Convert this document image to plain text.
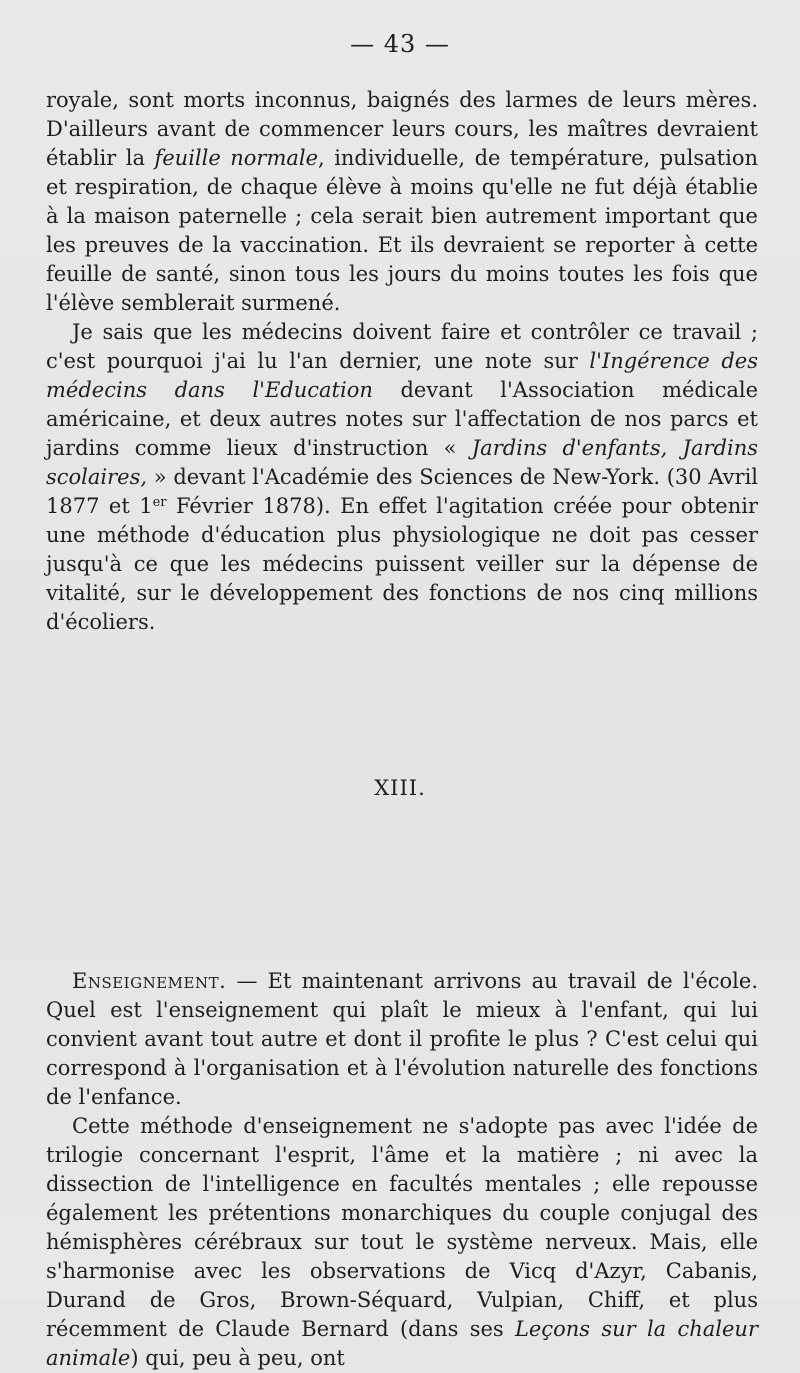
— 43 —

royale, sont morts inconnus, baignés des larmes de leurs mères. D'ailleurs avant de commencer leurs cours, les maîtres devraient établir la feuille normale, individuelle, de température, pulsation et respiration, de chaque élève à moins qu'elle ne fut déjà établie à la maison paternelle ; cela serait bien autrement important que les preuves de la vaccination. Et ils devraient se reporter à cette feuille de santé, sinon tous les jours du moins toutes les fois que l'élève semblerait surmené.

Je sais que les médecins doivent faire et contrôler ce travail ; c'est pourquoi j'ai lu l'an dernier, une note sur l'Ingérence des médecins dans l'Education devant l'Association médicale américaine, et deux autres notes sur l'affectation de nos parcs et jardins comme lieux d'instruction « Jardins d'enfants, Jardins scolaires, » devant l'Académie des Sciences de New-York. (30 Avril 1877 et 1er Février 1878). En effet l'agitation créée pour obtenir une méthode d'éducation plus physiologique ne doit pas cesser jusqu'à ce que les médecins puissent veiller sur la dépense de vitalité, sur le développement des fonctions de nos cinq millions d'écoliers.

XIII.

Enseignement. — Et maintenant arrivons au travail de l'école. Quel est l'enseignement qui plaît le mieux à l'enfant, qui lui convient avant tout autre et dont il profite le plus ? C'est celui qui correspond à l'organisation et à l'évolution naturelle des fonctions de l'enfance.

Cette méthode d'enseignement ne s'adopte pas avec l'idée de trilogie concernant l'esprit, l'âme et la matière ; ni avec la dissection de l'intelligence en facultés mentales ; elle repousse également les prétentions monarchiques du couple conjugal des hémisphères cérébraux sur tout le système nerveux. Mais, elle s'harmonise avec les observations de Vicq d'Azyr, Cabanis, Durand de Gros, Brown-Séquard, Vulpian, Chiff, et plus récemment de Claude Bernard (dans ses Leçons sur la chaleur animale) qui, peu à peu, ont
